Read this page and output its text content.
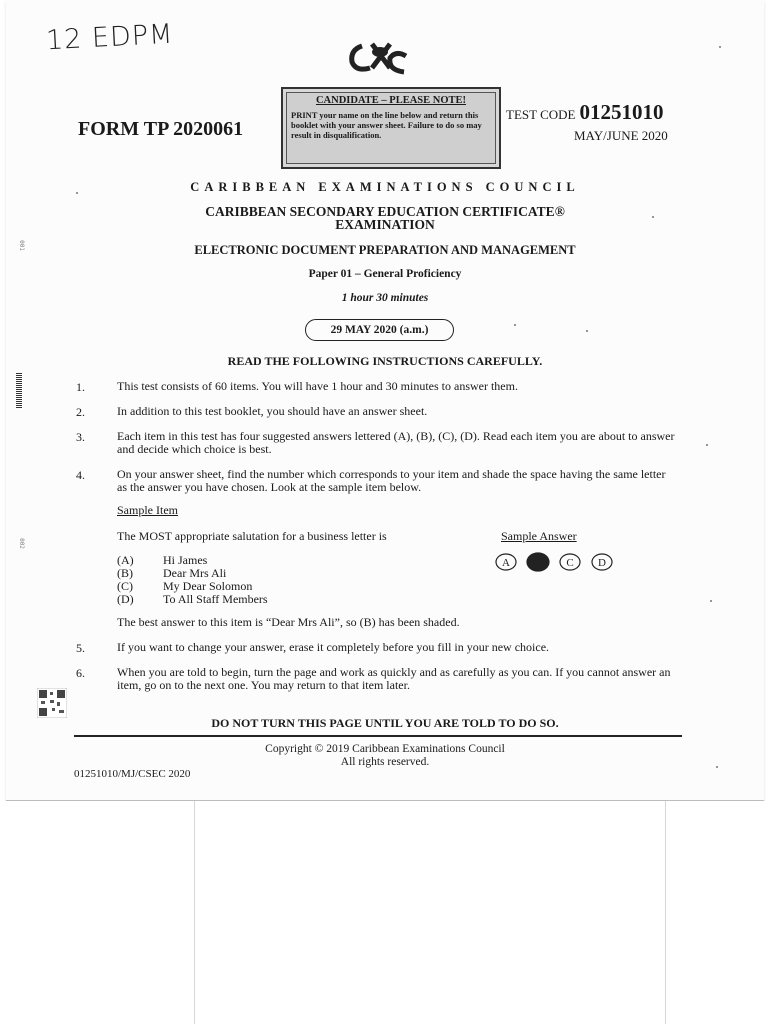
12 EDPM
CANDIDATE – PLEASE NOTE!
PRINT your name on the line below and return this booklet with your answer sheet. Failure to do so may result in disqualification.
FORM TP 2020061
TEST CODE 01251010
MAY/JUNE 2020
CARIBBEAN EXAMINATIONS COUNCIL
CARIBBEAN SECONDARY EDUCATION CERTIFICATE®
EXAMINATION
ELECTRONIC DOCUMENT PREPARATION AND MANAGEMENT
Paper 01 – General Proficiency
1 hour 30 minutes
29 MAY 2020 (a.m.)
READ THE FOLLOWING INSTRUCTIONS CAREFULLY.
1.	This test consists of 60 items. You will have 1 hour and 30 minutes to answer them.
2.	In addition to this test booklet, you should have an answer sheet.
3.	Each item in this test has four suggested answers lettered (A), (B), (C), (D). Read each item you are about to answer and decide which choice is best.
4.	On your answer sheet, find the number which corresponds to your item and shade the space having the same letter as the answer you have chosen. Look at the sample item below.
Sample Item
The MOST appropriate salutation for a business letter is	Sample Answer
A	C D
(A) Hi James
(B)	Dear Mrs Ali
(C)	My Dear Solomon
(D) To All Staff Members
The best answer to this item is “Dear Mrs Ali”, so (B) has been shaded.
5.	If you want to change your answer, erase it completely before you fill in your new choice.
6.	When you are told to begin, turn the page and work as quickly and as carefully as you can. If you cannot answer an item, go on to the next one. You may return to that item later.
DO NOT TURN THIS PAGE UNTIL YOU ARE TOLD TO DO SO.
Copyright © 2019 Caribbean Examinations Council
All rights reserved.
01251010/MJ/CSEC 2020
001
002
